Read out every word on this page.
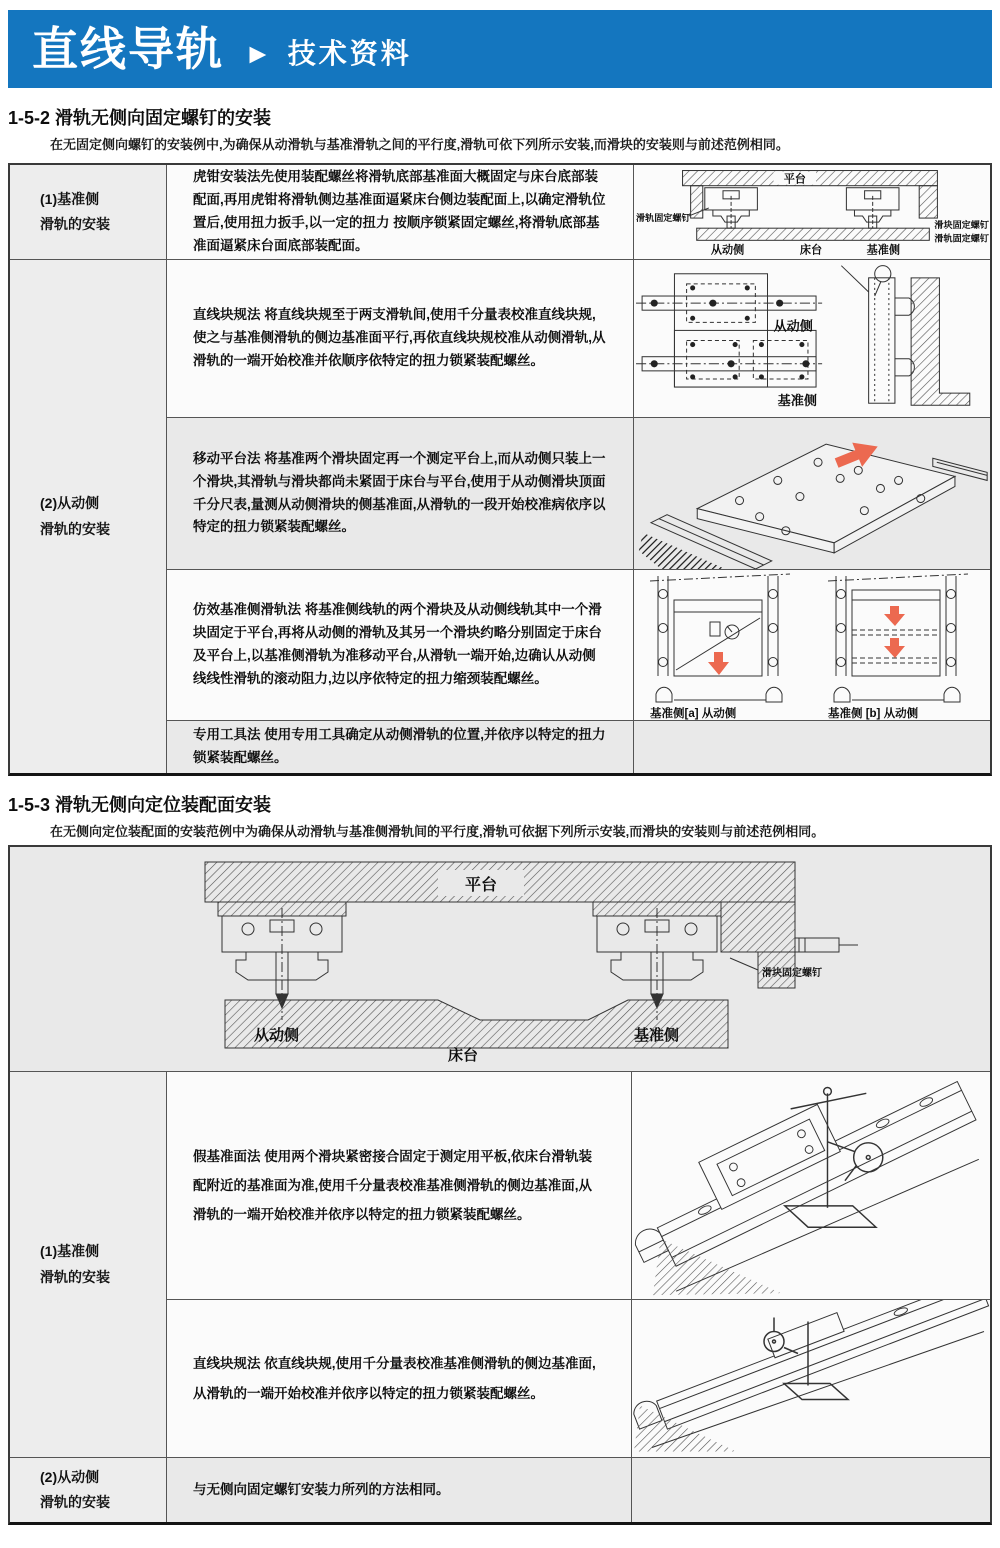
直线导轨 ► 技术资料
1-5-2 滑轨无侧向固定螺钉的安装
在无固定侧向螺钉的安装例中,为确保从动滑轨与基准滑轨之间的平行度,滑轨可依下列所示安装,而滑块的安装则与前述范例相同。
(1)基准侧
滑轨的安装

虎钳安装法先使用装配螺丝将滑轨底部基准面大概固定与床台底部装配面,再用虎钳将滑轨侧边基准面逼紧床台侧边装配面上,以确定滑轨位置后,使用扭力扳手,以一定的扭力 按顺序锁紧固定螺丝,将滑轨底部基准面逼紧床台面底部装配面。

平台
滑轨固定螺钉
从动侧	床台	基准侧
滑块固定螺钉
滑轨固定螺钉
(2)从动侧
滑轨的安装

直线块规法 将直线块规至于两支滑轨间,使用千分量表校准直线块规,使之与基准侧滑轨的侧边基准面平行,再依直线块规校准从动侧滑轨,从滑轨的一端开始校准并依顺序依特定的扭力锁紧装配螺丝。

从动侧
基准侧

移动平台法 将基准两个滑块固定再一个测定平台上,而从动侧只装上一个滑块,其滑轨与滑块都尚未紧固于床台与平台,使用于从动侧滑块顶面千分尺表,量测从动侧滑块的侧基准面,从滑轨的一段开始校准病依序以特定的扭力锁紧装配螺丝。

仿效基准侧滑轨法 将基准侧线轨的两个滑块及从动侧线轨其中一个滑块固定于平台,再将从动侧的滑轨及其另一个滑块约略分别固定于床台及平台上,以基准侧滑轨为准移动平台,从滑轨一端开始,边确认从动侧线线性滑轨的滚动阻力,边以序依特定的扭力缩颈装配螺丝。

基准侧[a] 从动侧	基准侧 [b] 从动侧

专用工具法 使用专用工具确定从动侧滑轨的位置,并依序以特定的扭力锁紧装配螺丝。

1-5-3 滑轨无侧向定位装配面安装
在无侧向定位装配面的安装范例中为确保从动滑轨与基准侧滑轨间的平行度,滑轨可依据下列所示安装,而滑块的安装则与前述范例相同。
平台
从动侧
床台
基准侧
滑块固定螺钉
(1)基准侧
滑轨的安装

假基准面法 使用两个滑块紧密接合固定于测定用平板,依床台滑轨装配附近的基准面为准,使用千分量表校准基准侧滑轨的侧边基准面,从滑轨的一端开始校准并依序以特定的扭力锁紧装配螺丝。

直线块规法 依直线块规,使用千分量表校准基准侧滑轨的侧边基准面,从滑轨的一端开始校准并依序以特定的扭力锁紧装配螺丝。

(2)从动侧
滑轨的安装

与无侧向固定螺钉安装力所列的方法相同。
